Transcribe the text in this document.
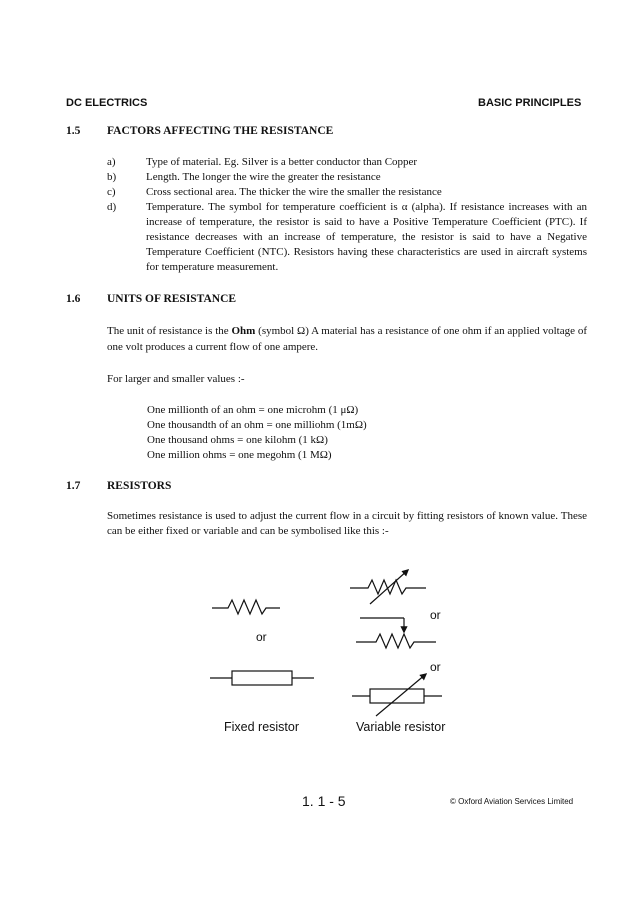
DC ELECTRICS	BASIC PRINCIPLES
1.5 FACTORS AFFECTING THE RESISTANCE
a)	Type of material. Eg. Silver is a better conductor than Copper
b)	Length. The longer the wire the greater the resistance
c)	Cross sectional area. The thicker the wire the smaller the resistance
d)	Temperature. The symbol for temperature coefficient is α (alpha). If resistance increases with an increase of temperature, the resistor is said to have a Positive Temperature Coefficient (PTC). If resistance decreases with an increase of temperature, the resistor is said to have a Negative Temperature Coefficient (NTC). Resistors having these characteristics are used in aircraft systems for temperature measurement.
1.6 UNITS OF RESISTANCE
The unit of resistance is the Ohm (symbol Ω) A material has a resistance of one ohm if an applied voltage of one volt produces a current flow of one ampere.
For larger and smaller values :-
One millionth of an ohm = one microhm (1 μΩ)
One thousandth of an ohm = one milliohm (1mΩ)
One thousand ohms = one kilohm (1 kΩ)
One million ohms = one megohm (1 MΩ)
1.7 RESISTORS
Sometimes resistance is used to adjust the current flow in a circuit by fitting resistors of known value. These can be either fixed or variable and can be symbolised like this :-
or
or
or
Fixed resistor	Variable resistor
1. 1 - 5	© Oxford Aviation Services Limited
